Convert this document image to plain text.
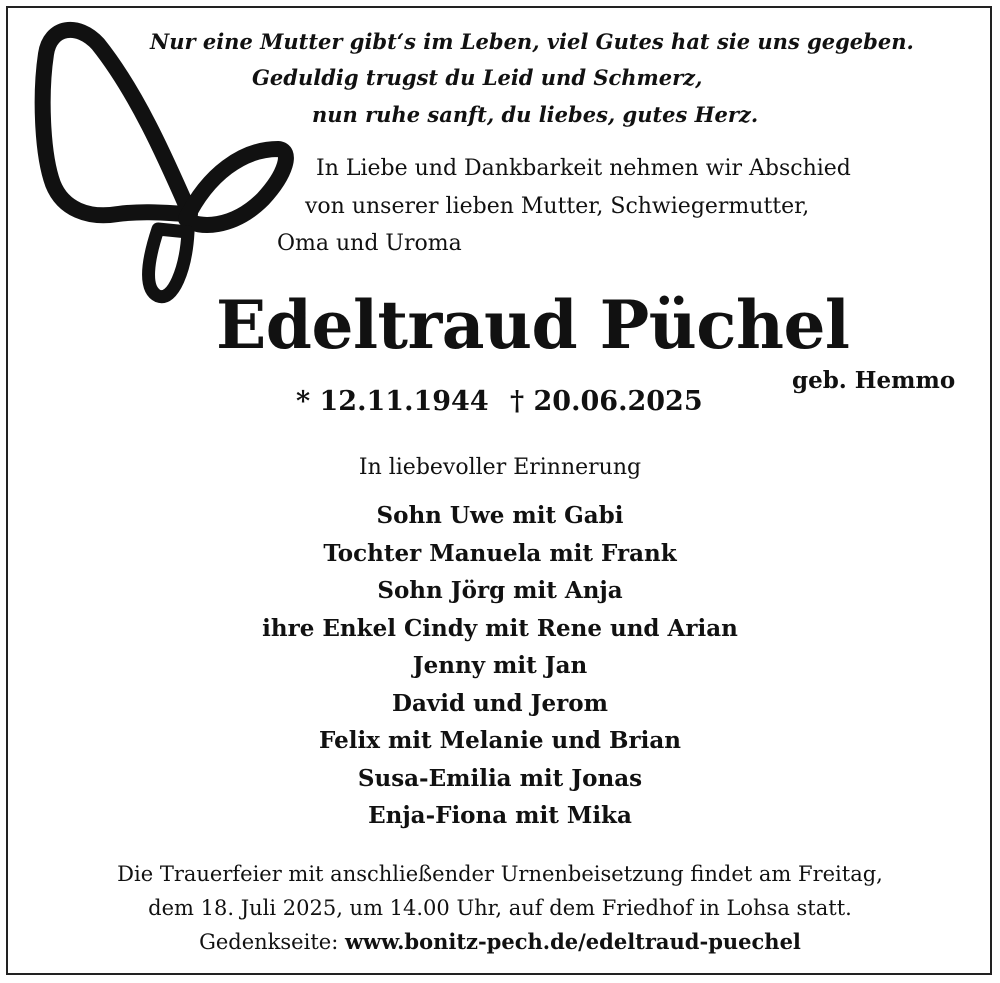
Nur eine Mutter gibt‘s im Leben, viel Gutes hat sie uns gegeben.
Geduldig trugst du Leid und Schmerz,
nun ruhe sanft, du liebes, gutes Herz.
In Liebe und Dankbarkeit nehmen wir Abschied
von unserer lieben Mutter, Schwiegermutter,
Oma und Uroma
Edeltraud Püchel
geb. Hemmo
* 12.11.1944 † 20.06.2025
In liebevoller Erinnerung
Sohn Uwe mit Gabi
Tochter Manuela mit Frank
Sohn Jörg mit Anja
ihre Enkel Cindy mit Rene und Arian
Jenny mit Jan
David und Jerom
Felix mit Melanie und Brian
Susa-Emilia mit Jonas
Enja-Fiona mit Mika
Die Trauerfeier mit anschließender Urnenbeisetzung findet am Freitag,
dem 18. Juli 2025, um 14.00 Uhr, auf dem Friedhof in Lohsa statt.
Gedenkseite: www.bonitz-pech.de/edeltraud-puechel
